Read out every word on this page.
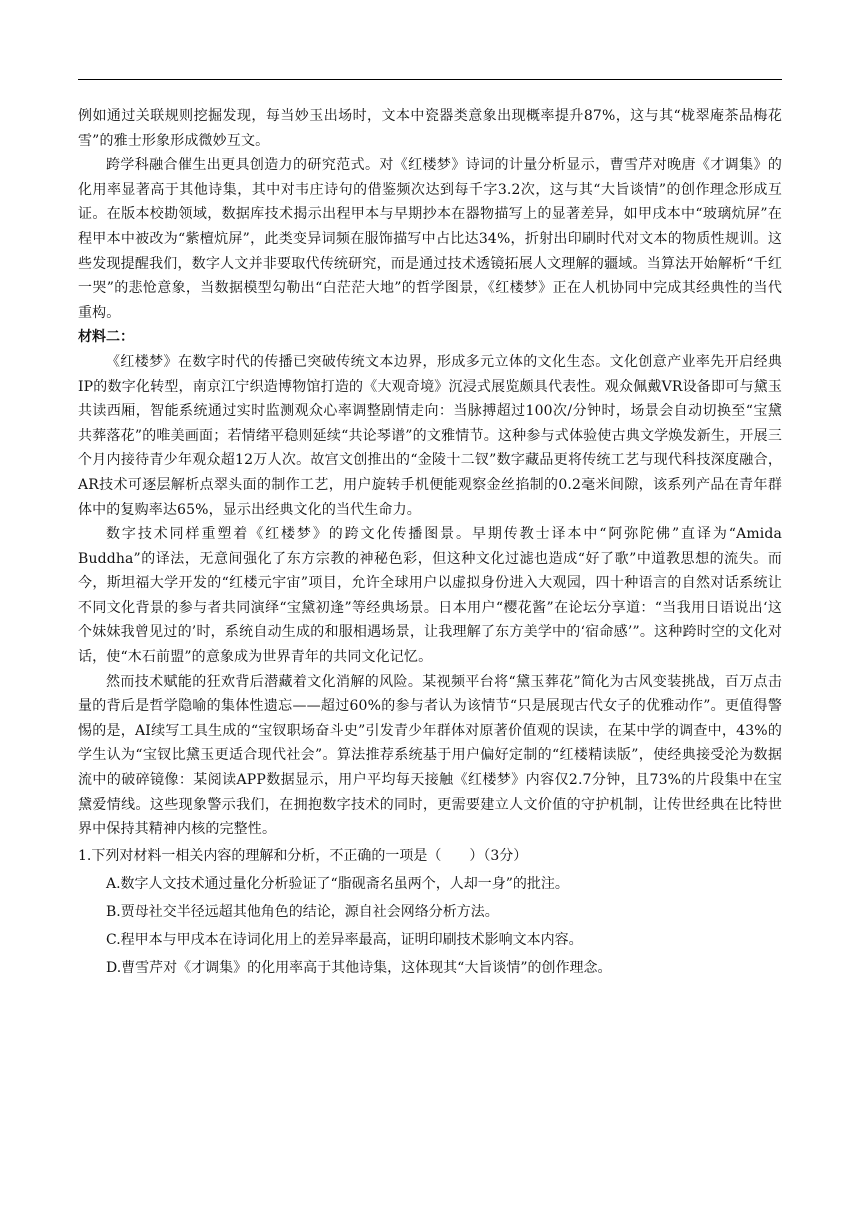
例如通过关联规则挖掘发现，每当妙玉出场时，文本中瓷器类意象出现概率提升87%，这与其“栊翠庵茶品梅花雪”的雅士形象形成微妙互文。

跨学科融合催生出更具创造力的研究范式。对《红楼梦》诗词的计量分析显示，曹雪芹对晚唐《才调集》的化用率显著高于其他诗集，其中对韦庄诗句的借鉴频次达到每千字3.2次，这与其“大旨谈情”的创作理念形成互证。在版本校勘领域，数据库技术揭示出程甲本与早期抄本在器物描写上的显著差异，如甲戌本中“玻璃炕屏”在程甲本中被改为“紫檀炕屏”，此类变异词频在服饰描写中占比达34%，折射出印刷时代对文本的物质性规训。这些发现提醒我们，数字人文并非要取代传统研究，而是通过技术透镜拓展人文理解的疆域。当算法开始解析“千红一哭”的悲怆意象，当数据模型勾勒出“白茫茫大地”的哲学图景，《红楼梦》正在人机协同中完成其经典性的当代重构。

材料二：

《红楼梦》在数字时代的传播已突破传统文本边界，形成多元立体的文化生态。文化创意产业率先开启经典IP的数字化转型，南京江宁织造博物馆打造的《大观奇境》沉浸式展览颇具代表性。观众佩戴VR设备即可与黛玉共读西厢，智能系统通过实时监测观众心率调整剧情走向：当脉搏超过100次/分钟时，场景会自动切换至“宝黛共葬落花”的唯美画面；若情绪平稳则延续“共论琴谱”的文雅情节。这种参与式体验使古典文学焕发新生，开展三个月内接待青少年观众超12万人次。故宫文创推出的“金陵十二钗”数字藏品更将传统工艺与现代科技深度融合，AR技术可逐层解析点翠头面的制作工艺，用户旋转手机便能观察金丝掐制的0.2毫米间隙，该系列产品在青年群体中的复购率达65%，显示出经典文化的当代生命力。

数字技术同样重塑着《红楼梦》的跨文化传播图景。早期传教士译本中“阿弥陀佛”直译为“Amida Buddha”的译法，无意间强化了东方宗教的神秘色彩，但这种文化过滤也造成“好了歌”中道教思想的流失。而今，斯坦福大学开发的“红楼元宇宙”项目，允许全球用户以虚拟身份进入大观园，四十种语言的自然对话系统让不同文化背景的参与者共同演绎“宝黛初逢”等经典场景。日本用户“樱花酱”在论坛分享道：“当我用日语说出‘这个妹妹我曾见过的’时，系统自动生成的和服相遇场景，让我理解了东方美学中的‘宿命感’”。这种跨时空的文化对话，使“木石前盟”的意象成为世界青年的共同文化记忆。

然而技术赋能的狂欢背后潜藏着文化消解的风险。某视频平台将“黛玉葬花”简化为古风变装挑战，百万点击量的背后是哲学隐喻的集体性遗忘——超过60%的参与者认为该情节“只是展现古代女子的优雅动作”。更值得警惕的是，AI续写工具生成的“宝钗职场奋斗史”引发青少年群体对原著价值观的误读，在某中学的调查中，43%的学生认为“宝钗比黛玉更适合现代社会”。算法推荐系统基于用户偏好定制的“红楼精读版”，使经典接受沦为数据流中的破碎镜像：某阅读APP数据显示，用户平均每天接触《红楼梦》内容仅2.7分钟，且73%的片段集中在宝黛爱情线。这些现象警示我们，在拥抱数字技术的同时，更需要建立人文价值的守护机制，让传世经典在比特世界中保持其精神内核的完整性。

1.下列对材料一相关内容的理解和分析，不正确的一项是（　　）（3分）

A.数字人文技术通过量化分析验证了“脂砚斋名虽两个，人却一身”的批注。

B.贾母社交半径远超其他角色的结论，源自社会网络分析方法。

C.程甲本与甲戌本在诗词化用上的差异率最高，证明印刷技术影响文本内容。

D.曹雪芹对《才调集》的化用率高于其他诗集，这体现其“大旨谈情”的创作理念。
